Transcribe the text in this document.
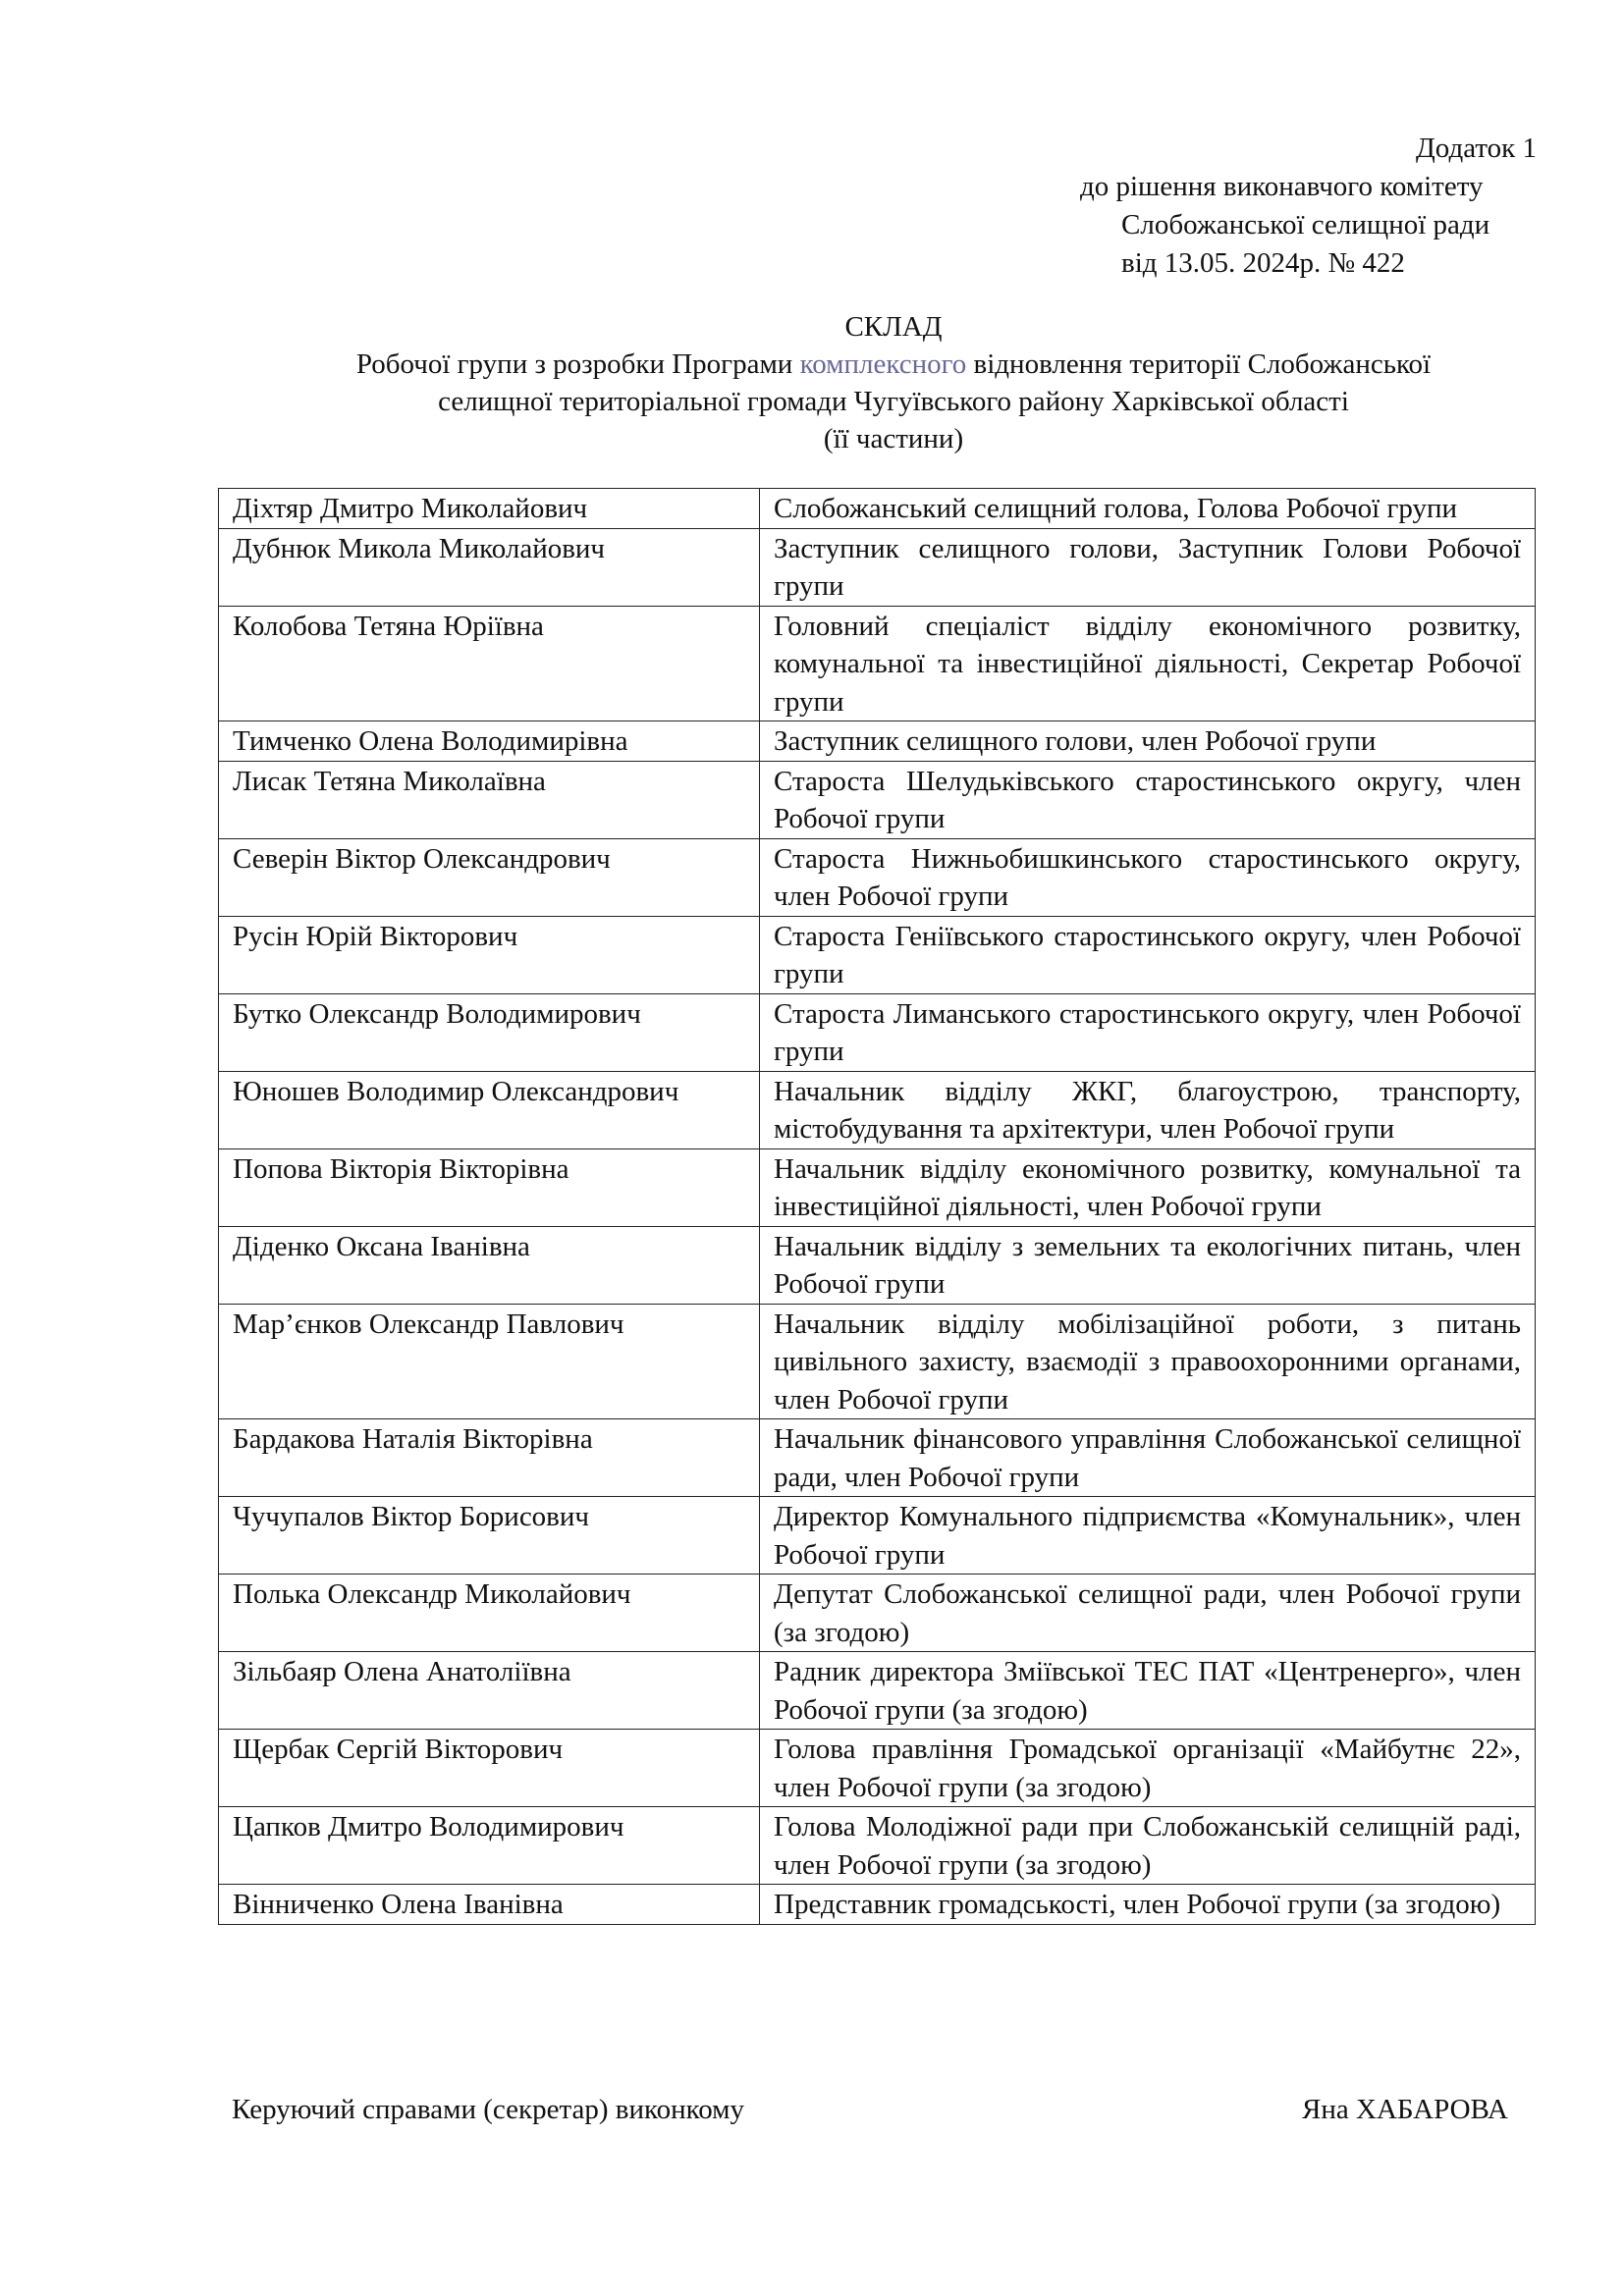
Додаток 1
до рішення виконавчого комітету
Слобожанської селищної ради
від 13.05. 2024р. № 422
СКЛАД
Робочої групи з розробки Програми комплексного відновлення території Слобожанської
селищної територіальної громади Чугуївського району Харківської області
(її частини)
Діхтяр Дмитро Миколайович	Слобожанський селищний голова, Голова Робочої групи
Дубнюк Микола Миколайович	Заступник селищного голови, Заступник Голови Робочої групи
Колобова Тетяна Юріївна	Головний спеціаліст відділу економічного розвитку, комунальної та інвестиційної діяльності, Секретар Робочої групи
Тимченко Олена Володимирівна	Заступник селищного голови, член Робочої групи
Лисак Тетяна Миколаївна	Староста Шелудьківського старостинського округу, член Робочої групи
Северін Віктор Олександрович	Староста Нижньобишкинського старостинського округу, член Робочої групи
Русін Юрій Вікторович	Староста Геніївського старостинського округу, член Робочої групи
Бутко Олександр Володимирович	Староста Лиманського старостинського округу, член Робочої групи
Юношев Володимир Олександрович	Начальник відділу ЖКГ, благоустрою, транспорту, містобудування та архітектури, член Робочої групи
Попова Вікторія Вікторівна	Начальник відділу економічного розвитку, комунальної та інвестиційної діяльності, член Робочої групи
Діденко Оксана Іванівна	Начальник відділу з земельних та екологічних питань, член Робочої групи
Мар’єнков Олександр Павлович	Начальник відділу мобілізаційної роботи, з питань цивільного захисту, взаємодії з правоохоронними органами, член Робочої групи
Бардакова Наталія Вікторівна	Начальник фінансового управління Слобожанської селищної ради, член Робочої групи
Чучупалов Віктор Борисович	Директор Комунального підприємства «Комунальник», член Робочої групи
Полька Олександр Миколайович	Депутат Слобожанської селищної ради, член Робочої групи (за згодою)
Зільбаяр Олена Анатоліївна	Радник директора Зміївської ТЕС ПАТ «Центренерго», член Робочої групи (за згодою)
Щербак Сергій Вікторович	Голова правління Громадської організації «Майбутнє 22», член Робочої групи (за згодою)
Цапков Дмитро Володимирович	Голова Молодіжної ради при Слобожанській селищній раді, член Робочої групи (за згодою)
Вінниченко Олена Іванівна	Представник громадськості, член Робочої групи (за згодою)
Керуючий справами (секретар) виконкому	Яна ХАБАРОВА
